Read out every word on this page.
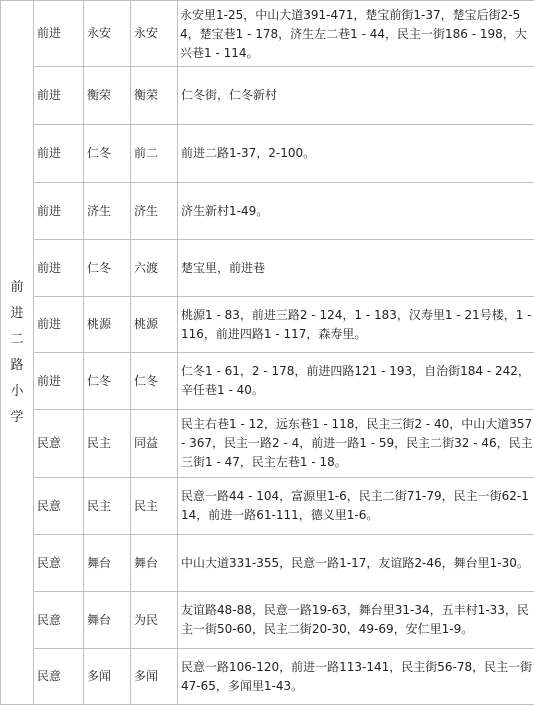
前进二路小学	前进	永安	永安	永安里1-25，中山大道391-471，楚宝前街1-37，楚宝后街2-54，楚宝巷1 - 178，济生左二巷1 - 44，民主一街186 - 198，大兴巷1 - 114。
	前进	衡荣	衡荣	仁冬街，仁冬新村
	前进	仁冬	前二	前进二路1-37，2-100。
	前进	济生	济生	济生新村1-49。
	前进	仁冬	六渡	楚宝里，前进巷
	前进	桃源	桃源	桃源1 - 83，前进三路2 - 124，1 - 183，汉寿里1 - 21号楼，1 - 116，前进四路1 - 117，森寿里。
	前进	仁冬	仁冬	仁冬1 - 61，2 - 178，前进四路121 - 193，自治街184 - 242，辛任巷1 - 40。
	民意	民主	同益	民主右巷1 - 12，远东巷1 - 118，民主三街2 - 40，中山大道357 - 367，民主一路2 - 4，前进一路1 - 59，民主二街32 - 46，民主三街1 - 47，民主左巷1 - 18。
	民意	民主	民主	民意一路44 - 104，富源里1-6，民主二街71-79，民主一街62-114，前进一路61-111，德义里1-6。
	民意	舞台	舞台	中山大道331-355，民意一路1-17，友谊路2-46，舞台里1-30。
	民意	舞台	为民	友谊路48-88，民意一路19-63，舞台里31-34，五丰村1-33，民主一街50-60，民主二街20-30，49-69，安仁里1-9。
	民意	多闻	多闻	民意一路106-120，前进一路113-141，民主街56-78，民主一街47-65，多闻里1-43。
